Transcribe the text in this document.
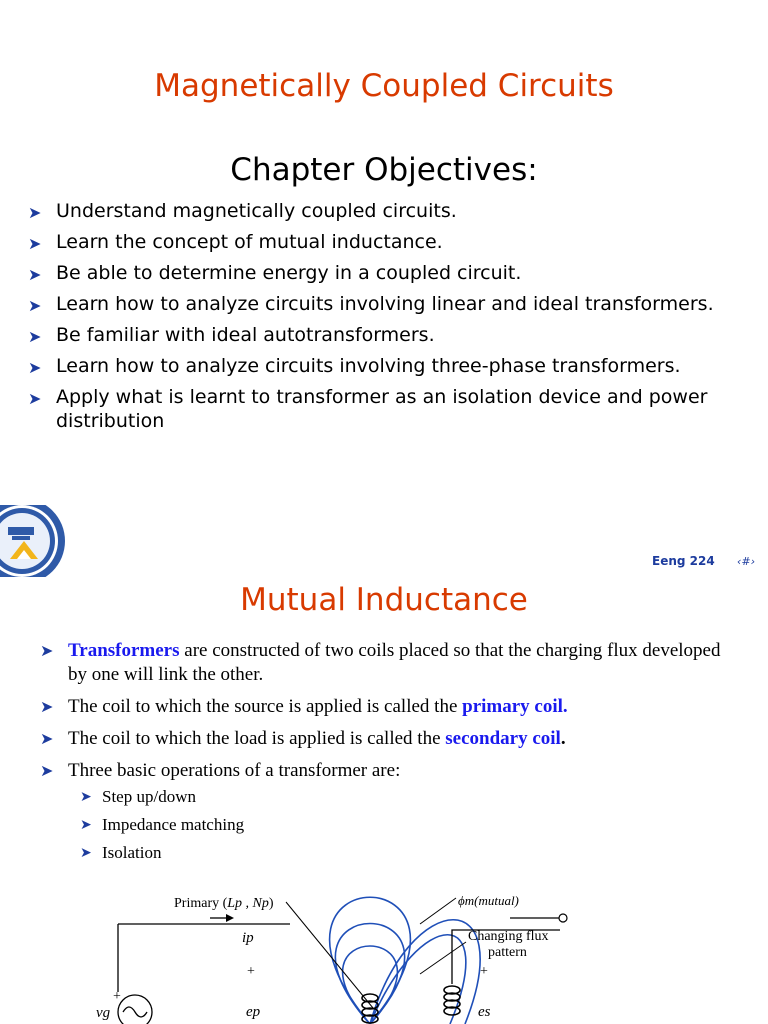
Magnetically Coupled Circuits
Chapter Objectives:
➤ Understand magnetically coupled circuits.
➤ Learn the concept of mutual inductance.
➤ Be able to determine energy in a coupled circuit.
➤ Learn how to analyze circuits involving linear and ideal transformers.
➤ Be familiar with ideal autotransformers.
➤ Learn how to analyze circuits involving three-phase transformers.
➤ Apply what is learnt to transformer as an isolation device and power distribution
Eeng 224 ‹#›
Mutual Inductance
➤ Transformers are constructed of two coils placed so that the charging flux developed by one will link the other.
➤ The coil to which the source is applied is called the primary coil.
➤ The coil to which the load is applied is called the secondary coil.
➤ Three basic operations of a transformer are:
➤ Step up/down
➤ Impedance matching
➤ Isolation
+
vg
Primary (Lp , Np)
ip
+
ep
ϕm(mutual)
Changing flux
pattern
+
es
